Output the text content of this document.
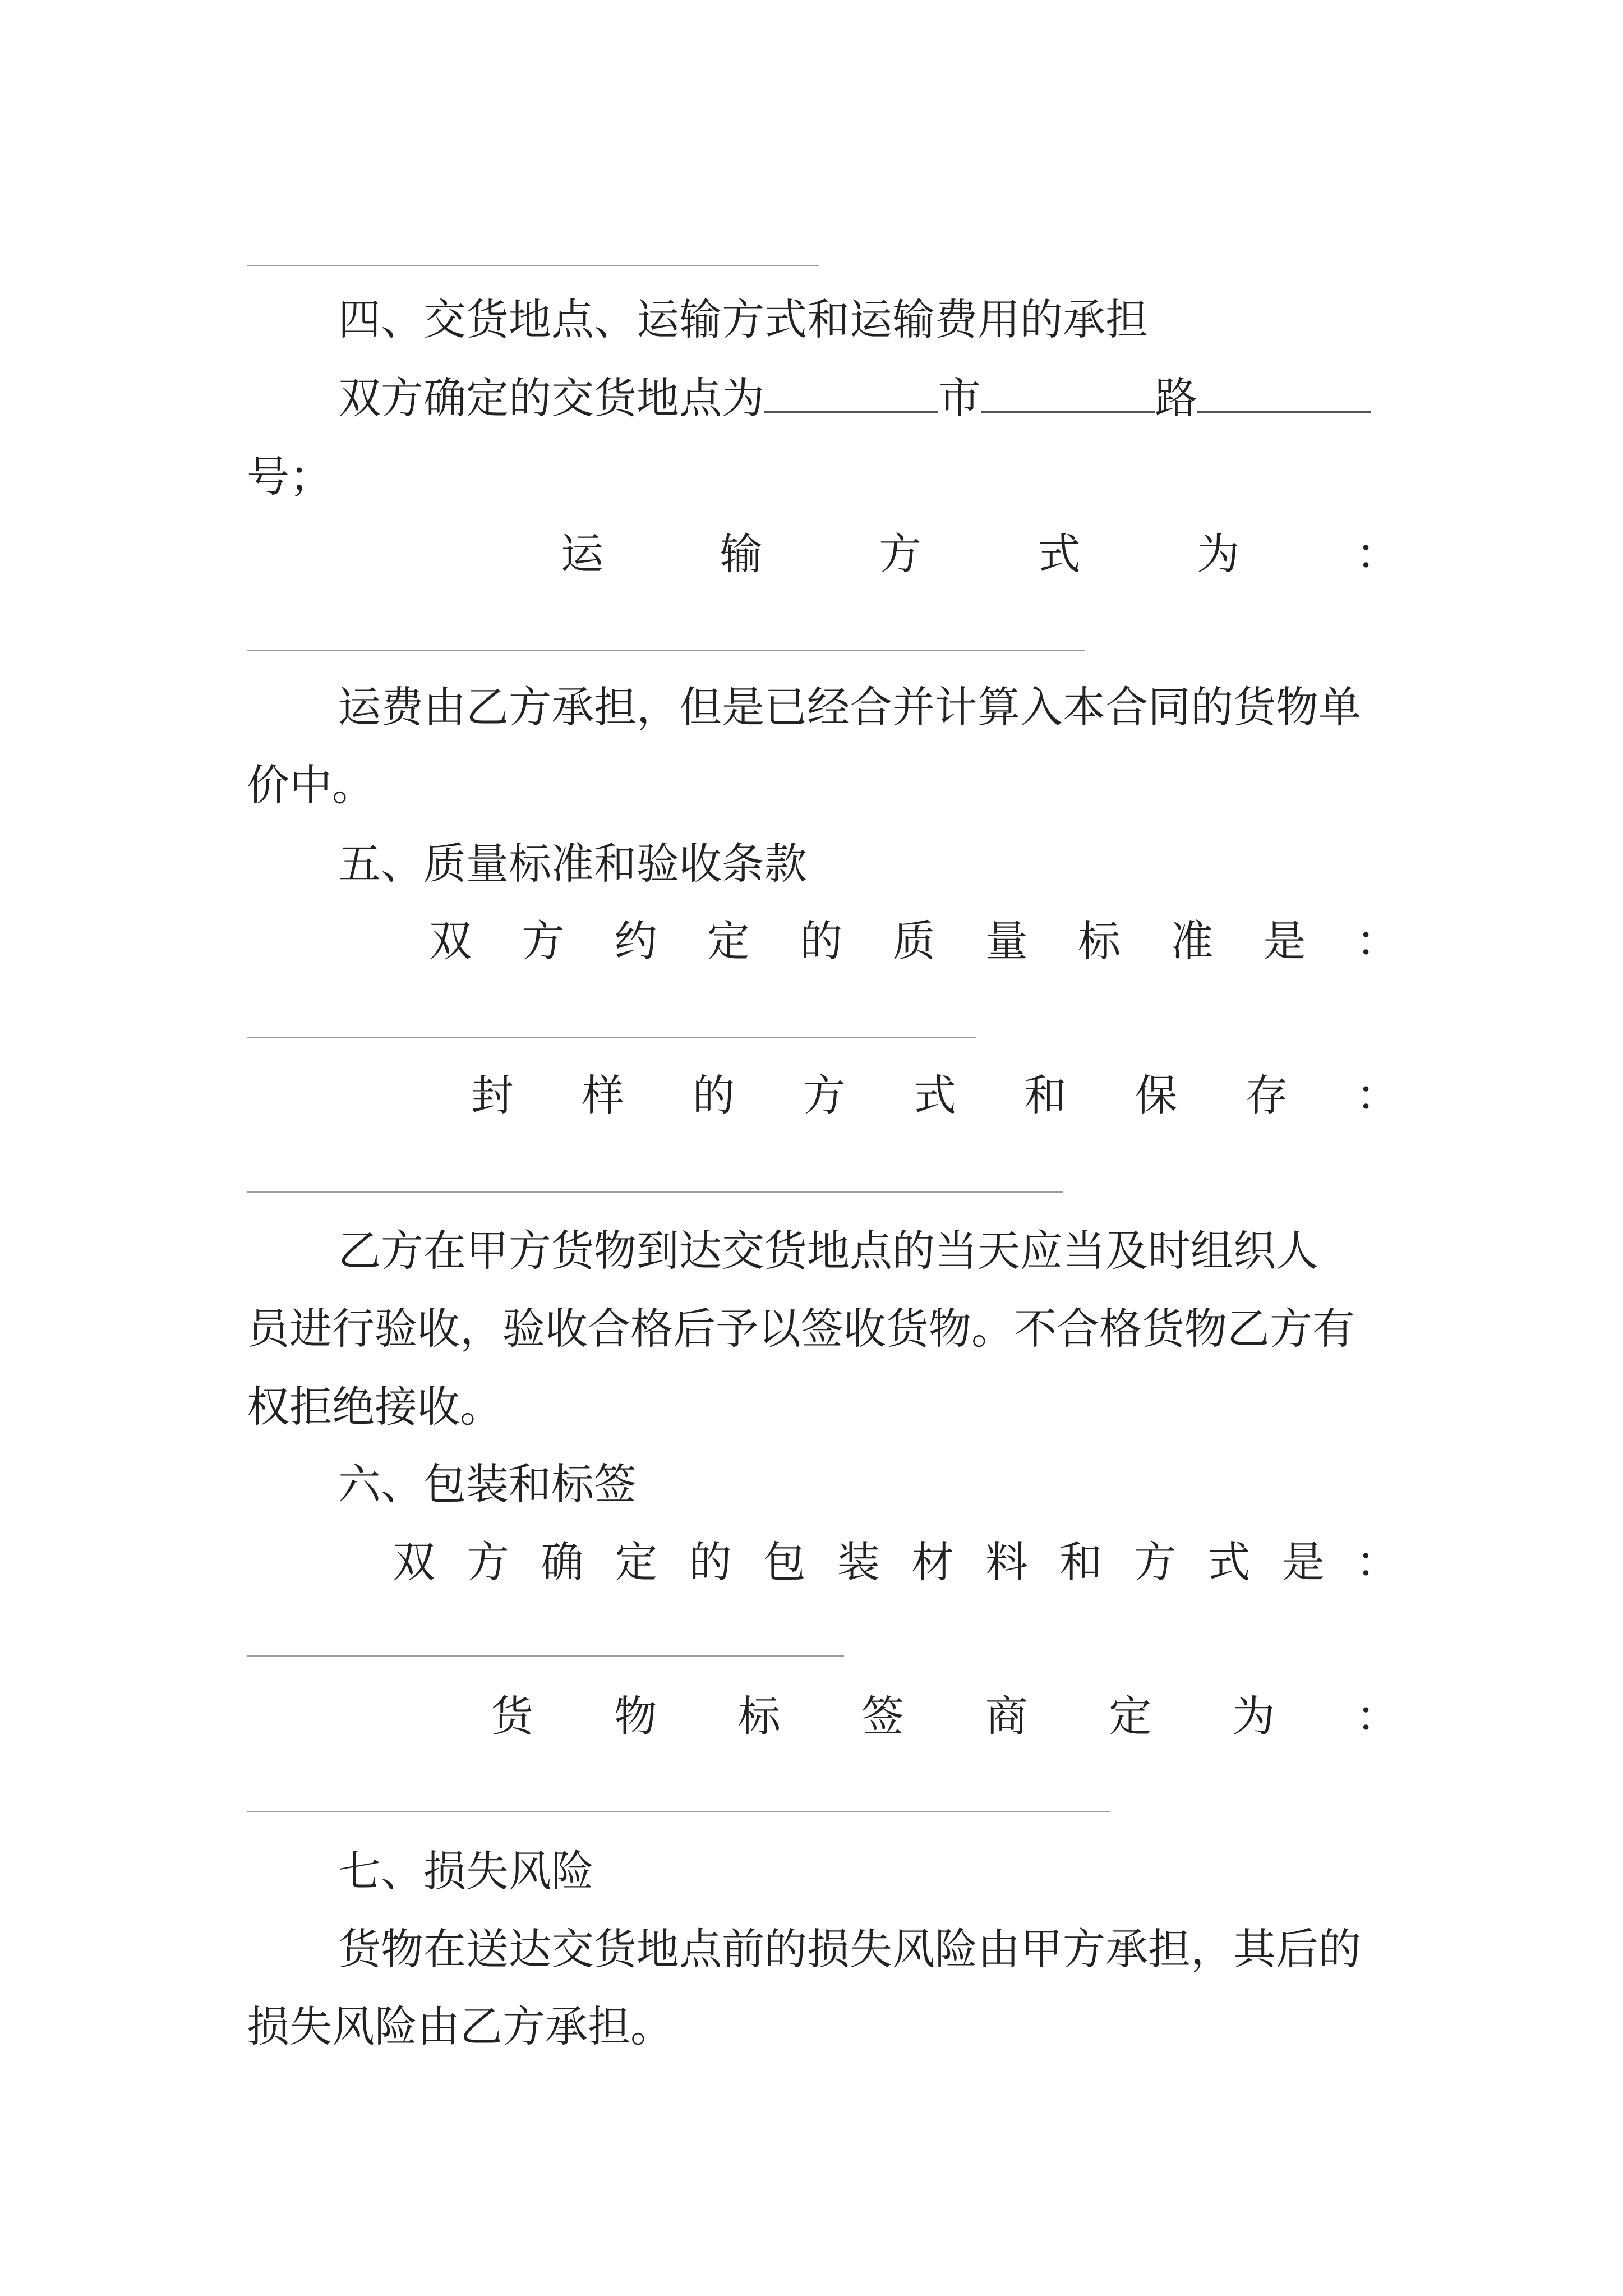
四、交货地点、运输方式和运输费用的承担
双方确定的交货地点为	市	路
号；
运	输	方	式	为	：
运费由乙方承担，但是已经合并计算入本合同的货物单
价中。
五、质量标准和验收条款
双 方 约 定 的 质 量 标 准 是 ：
封 样 的 方 式 和 保 存 ：
乙方在甲方货物到达交货地点的当天应当及时组织人
员进行验收，验收合格后予以签收货物。不合格货物乙方有
权拒绝接收。
六、包装和标签
双 方 确 定 的 包 装 材 料 和 方 式 是 ：
货 物 标 签 商 定 为 ：
七、损失风险
货物在送达交货地点前的损失风险由甲方承担，其后的
损失风险由乙方承担。
